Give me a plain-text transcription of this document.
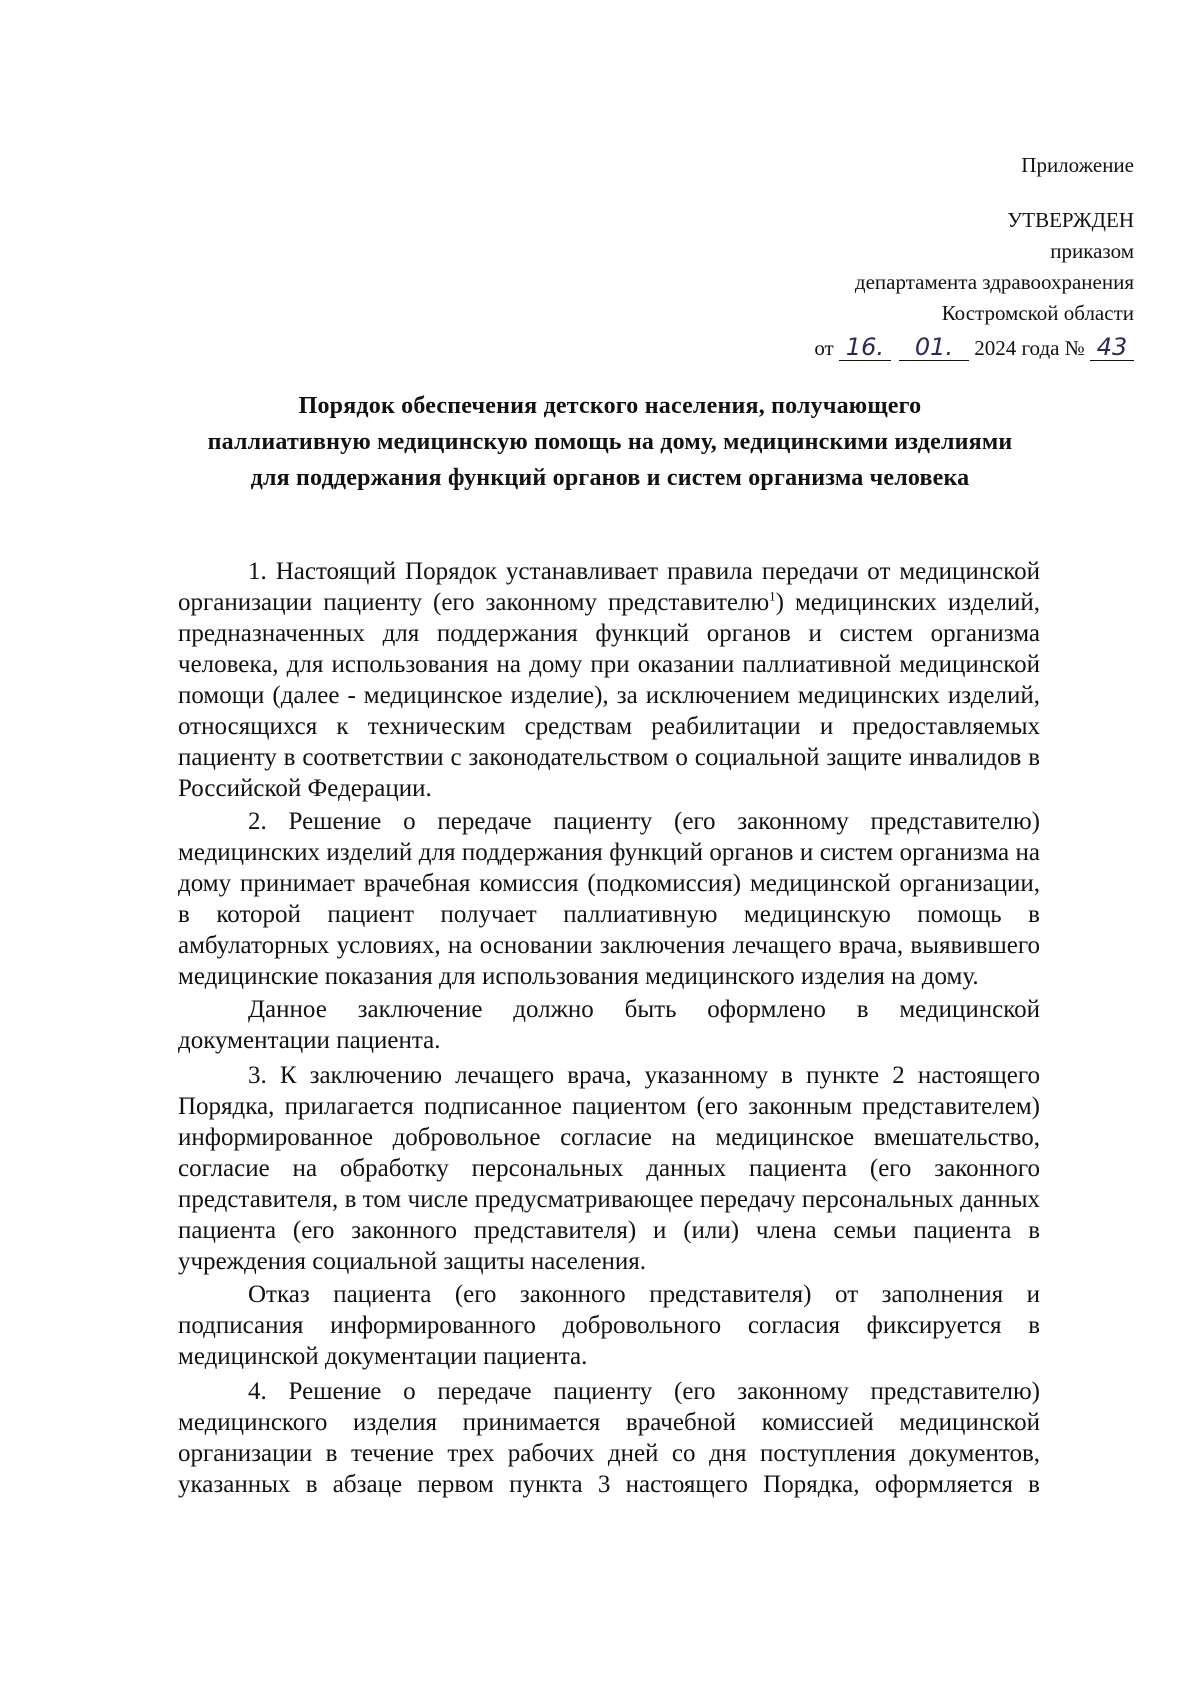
Приложение
УТВЕРЖДЕН
приказом
департамента здравоохранения
Костромской области
от 16. 01. 2024 года № 43
Порядок обеспечения детского населения, получающего
паллиативную медицинскую помощь на дому, медицинскими изделиями
для поддержания функций органов и систем организма человека

1. Настоящий Порядок устанавливает правила передачи от медицинской организации пациенту (его законному представителю$^1$) медицинских изделий, предназначенных для поддержания функций органов и систем организма человека, для использования на дому при оказании паллиативной медицинской помощи (далее - медицинское изделие), за исключением медицинских изделий, относящихся к техническим средствам реабилитации и предоставляемых пациенту в соответствии с законодательством о социальной защите инвалидов в Российской Федерации.

2. Решение о передаче пациенту (его законному представителю) медицинских изделий для поддержания функций органов и систем организма на дому принимает врачебная комиссия (подкомиссия) медицинской организации, в которой пациент получает паллиативную медицинскую помощь в амбулаторных условиях, на основании заключения лечащего врача, выявившего медицинские показания для использования медицинского изделия на дому.

Данное заключение должно быть оформлено в медицинской документации пациента.

3. К заключению лечащего врача, указанному в пункте 2 настоящего Порядка, прилагается подписанное пациентом (его законным представителем) информированное добровольное согласие на медицинское вмешательство, согласие на обработку персональных данных пациента (его законного представителя, в том числе предусматривающее передачу персональных данных пациента (его законного представителя) и (или) члена семьи пациента в учреждения социальной защиты населения.

Отказ пациента (его законного представителя) от заполнения и подписания информированного добровольного согласия фиксируется в медицинской документации пациента.

4. Решение о передаче пациенту (его законному представителю) медицинского изделия принимается врачебной комиссией медицинской организации в течение трех рабочих дней со дня поступления документов, указанных в абзаце первом пункта 3 настоящего Порядка, оформляется в
